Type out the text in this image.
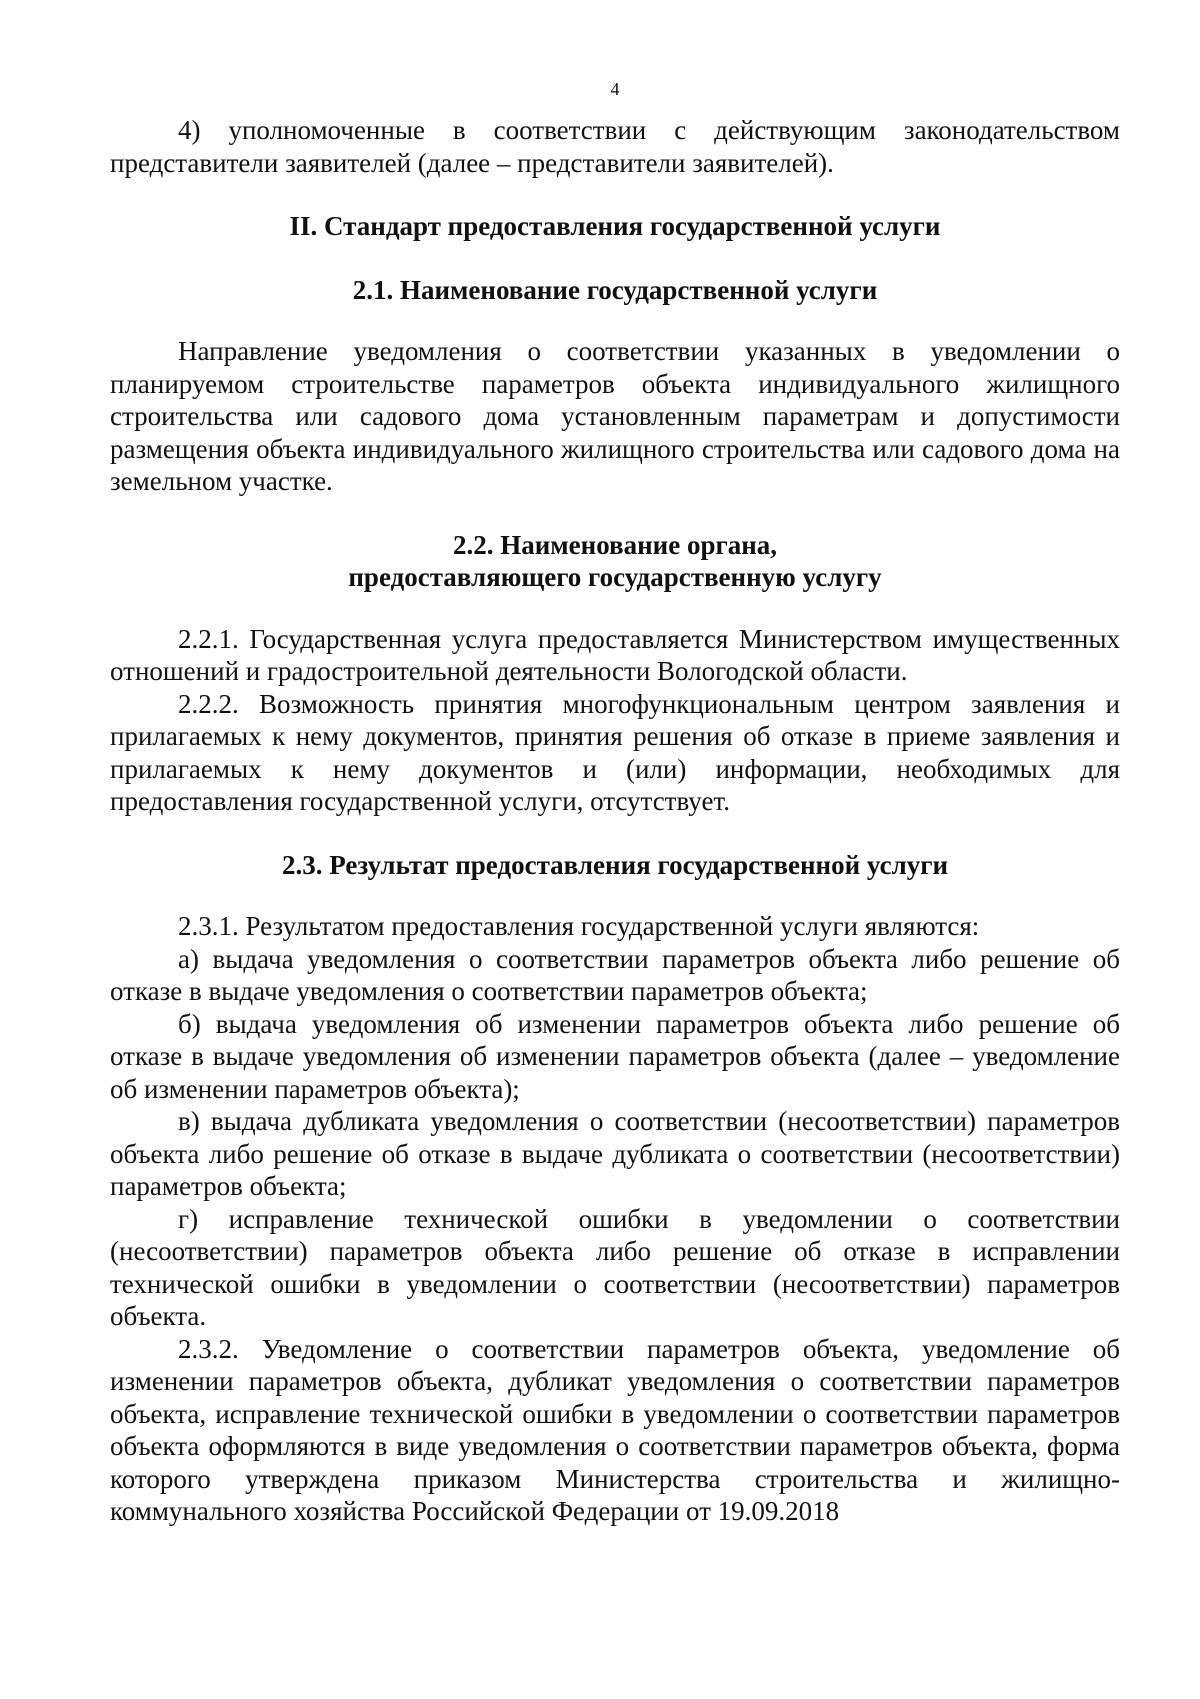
4

4) уполномоченные в соответствии с действующим законодательством представители заявителей (далее – представители заявителей).

II. Стандарт предоставления государственной услуги
2.1. Наименование государственной услуги

Направление уведомления о соответствии указанных в уведомлении о планируемом строительстве параметров объекта индивидуального жилищного строительства или садового дома установленным параметрам и допустимости размещения объекта индивидуального жилищного строительства или садового дома на земельном участке.

2.2. Наименование органа,
предоставляющего государственную услугу

2.2.1. Государственная услуга предоставляется Министерством имущественных отношений и градостроительной деятельности Вологодской области.

2.2.2. Возможность принятия многофункциональным центром заявления и прилагаемых к нему документов, принятия решения об отказе в приеме заявления и прилагаемых к нему документов и (или) информации, необходимых для предоставления государственной услуги, отсутствует.

2.3. Результат предоставления государственной услуги

2.3.1. Результатом предоставления государственной услуги являются:

а) выдача уведомления о соответствии параметров объекта либо решение об отказе в выдаче уведомления о соответствии параметров объекта;

б) выдача уведомления об изменении параметров объекта либо решение об отказе в выдаче уведомления об изменении параметров объекта (далее – уведомление об изменении параметров объекта);

в) выдача дубликата уведомления о соответствии (несоответствии) параметров объекта либо решение об отказе в выдаче дубликата о соответствии (несоответствии) параметров объекта;

г) исправление технической ошибки в уведомлении о соответствии (несоответствии) параметров объекта либо решение об отказе в исправлении технической ошибки в уведомлении о соответствии (несоответствии) параметров объекта.

2.3.2. Уведомление о соответствии параметров объекта, уведомление об изменении параметров объекта, дубликат уведомления о соответствии параметров объекта, исправление технической ошибки в уведомлении о соответствии параметров объекта оформляются в виде уведомления о соответствии параметров объекта, форма которого утверждена приказом Министерства строительства и жилищно-коммунального хозяйства Российской Федерации от 19.09.2018
